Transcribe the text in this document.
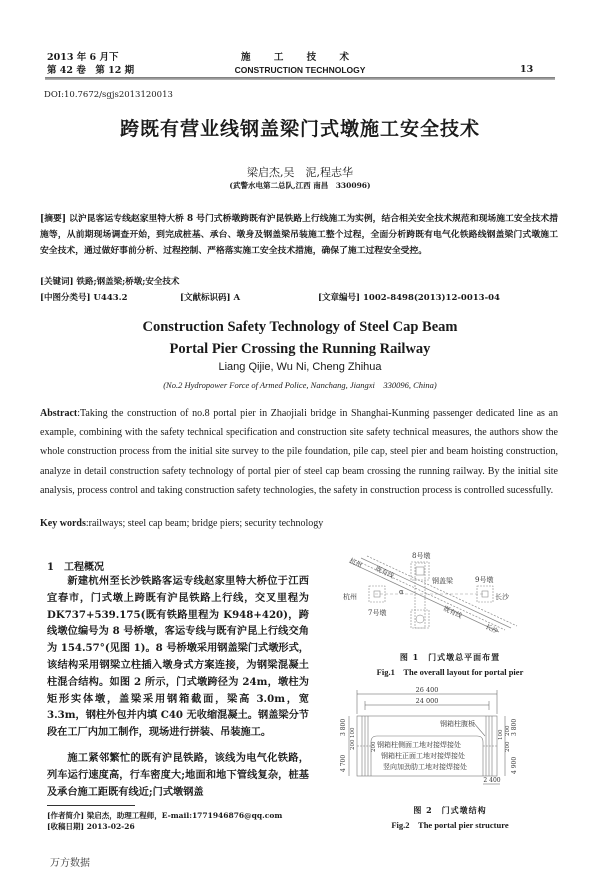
2013 年 6 月下
第 42 卷　第 12 期
施 工 技 术
CONSTRUCTION TECHNOLOGY	13
DOI:10.7672/sgjs2013120013
跨既有营业线钢盖梁门式墩施工安全技术
梁启杰,吴　泥,程志华
(武警水电第二总队,江西 南昌　330096)
[摘要] 以沪昆客运专线赵家里特大桥 8 号门式桥墩跨既有沪昆铁路上行线施工为实例，结合相关安全技术规范和现场施工安全技术措施等，从前期现场调查开始，到完成桩基、承台、墩身及钢盖梁吊装施工整个过程，全面分析跨既有电气化铁路线钢盖梁门式墩施工安全技术，通过做好事前分析、过程控制、严格落实施工安全技术措施，确保了施工过程安全受控。
[关键词] 铁路;钢盖梁;桥墩;安全技术
[中图分类号] U443.2	[文献标识码] A	[文章编号] 1002-8498(2013)12-0013-04
Construction Safety Technology of Steel Cap Beam
Portal Pier Crossing the Running Railway
Liang Qijie, Wu Ni, Cheng Zhihua
(No.2 Hydropower Force of Armed Police, Nanchang, Jiangxi　330096, China)
Abstract:Taking the construction of no.8 portal pier in Zhaojiali bridge in Shanghai-Kunming passenger dedicated line as an example, combining with the safety technical specification and construction site safety technical measures, the authors show the whole construction process from the initial site survey to the pile foundation, pile cap, steel pier and beam hoisting construction, analyze in detail construction safety technology of portal pier of steel cap beam crossing the running railway. By the initial site analysis, process control and taking construction safety technologies, the safety in construction process is controlled sucessfully.
Key words:railways; steel cap beam; bridge piers; security technology
1　工程概况
新建杭州至长沙铁路客运专线赵家里特大桥位于江西宜春市，门式墩上跨既有沪昆铁路上行线，交叉里程为 DK737+539.175(既有铁路里程为 K948+420)，跨线墩位编号为 8 号桥墩，客运专线与既有沪昆上行线交角为 154.57°(见图 1)。8 号桥墩采用钢盖梁门式墩形式，该结构采用钢梁立柱插入墩身式方案连接，为钢梁混凝土柱混合结构。如图 2 所示，门式墩跨径为 24m，墩柱为矩形实体墩，盖梁采用钢箱截面，梁高 3.0m，宽 3.3m，钢柱外包并内填 C40 无收缩混凝土。钢盖梁分节段在工厂内加工制作，现场进行拼装、吊装施工。
施工紧邻繁忙的既有沪昆铁路，该线为电气化铁路，列车运行速度高，行车密度大;地面和地下管线复杂，桩基及承台施工距既有线近;门式墩钢盖
[作者简介] 梁启杰，助理工程师，E-mail:1771946876@qq.com
[收稿日期] 2013-02-26
万方数据
8号墩
9号墩
7号墩
钢盖梁
杭州	长沙
杭州
既有线
既有线
长沙
α
图 1　门式墩总平面布置
Fig.1　The overall layout for portal pier
26 400
24 000
3 800 100
200	200
4 700
100 200 3 800
200
4 900
2 400
钢箱柱腹板
钢箱柱侧面工地对接焊接处
钢箱柱正面工地对接焊接处
竖向加劲肋工地对接焊接处
图 2　门式墩结构
Fig.2　The portal pier structure
